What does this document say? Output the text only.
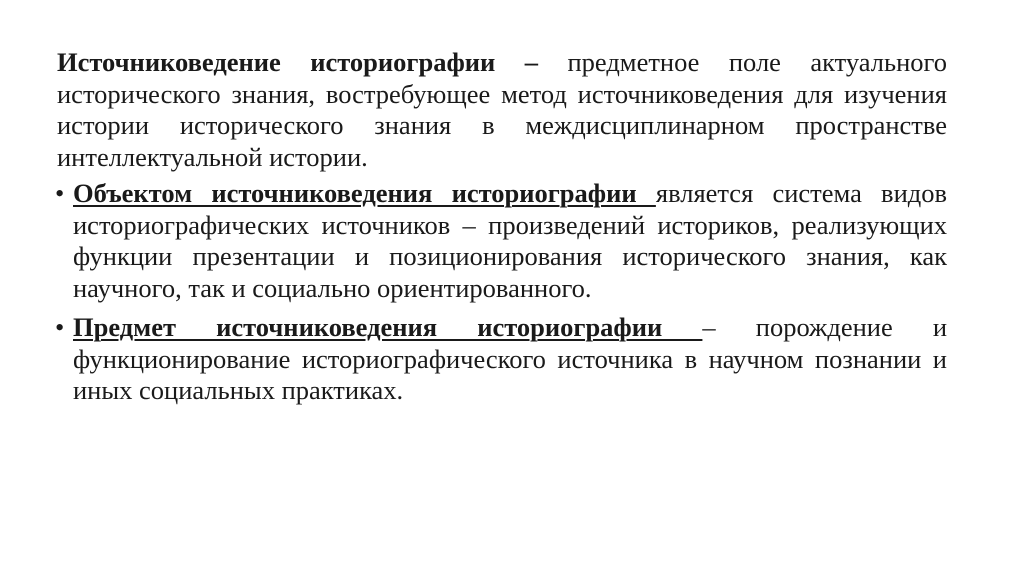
Источниковедение историографии – предметное поле актуального исторического знания, востребующее метод источниковедения для изучения истории исторического знания в междисциплинарном пространстве интеллектуальной истории.

• Объектом источниковедения историографии является система видов историографических источников – произведений историков, реализующих функции презентации и позиционирования исторического знания, как научного, так и социально ориентированного.
• Предмет источниковедения историографии – порождение и функционирование историографического источника в научном познании и иных социальных практиках.
